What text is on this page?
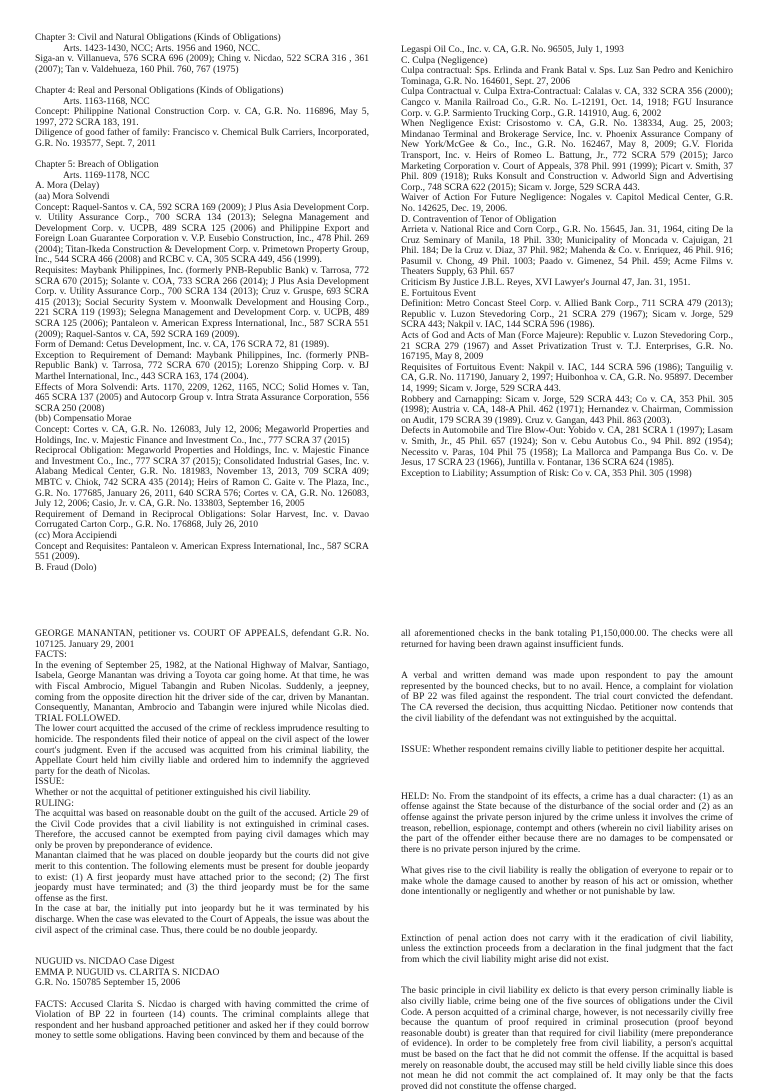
Chapter 3: Civil and Natural Obligations (Kinds of Obligations)

Arts. 1423-1430, NCC; Arts. 1956 and 1960, NCC.

Siga-an v. Villanueva, 576 SCRA 696 (2009); Ching v. Nicdao, 522 SCRA 316 , 361 (2007); Tan v. Valdehueza, 160 Phil. 760, 767 (1975)

Chapter 4: Real and Personal Obligations (Kinds of Obligations)

Arts. 1163-1168, NCC

Concept: Philippine National Construction Corp. v. CA, G.R. No. 116896, May 5, 1997, 272 SCRA 183, 191.

Diligence of good father of family: Francisco v. Chemical Bulk Carriers, Incorporated, G.R. No. 193577, Sept. 7, 2011

Chapter 5: Breach of Obligation

Arts. 1169-1178, NCC

A. Mora (Delay)

(aa) Mora Solvendi

Concept: Raquel-Santos v. CA, 592 SCRA 169 (2009); J Plus Asia Development Corp. v. Utility Assurance Corp., 700 SCRA 134 (2013); Selegna Management and Development Corp. v. UCPB, 489 SCRA 125 (2006) and Philippine Export and Foreign Loan Guarantee Corporation v. V.P. Eusebio Construction, Inc., 478 Phil. 269 (2004); Titan-Ikeda Construction & Development Corp. v. Primetown Property Group, Inc., 544 SCRA 466 (2008) and RCBC v. CA, 305 SCRA 449, 456 (1999).

Requisites: Maybank Philippines, Inc. (formerly PNB-Republic Bank) v. Tarrosa, 772 SCRA 670 (2015); Solante v. COA, 733 SCRA 266 (2014); J Plus Asia Development Corp. v. Utility Assurance Corp., 700 SCRA 134 (2013); Cruz v. Gruspe, 693 SCRA 415 (2013); Social Security System v. Moonwalk Development and Housing Corp., 221 SCRA 119 (1993); Selegna Management and Development Corp. v. UCPB, 489 SCRA 125 (2006); Pantaleon v. American Express International, Inc., 587 SCRA 551 (2009); Raquel-Santos v. CA, 592 SCRA 169 (2009).

Form of Demand: Cetus Development, Inc. v. CA, 176 SCRA 72, 81 (1989).

Exception to Requirement of Demand: Maybank Philippines, Inc. (formerly PNB-Republic Bank) v. Tarrosa, 772 SCRA 670 (2015); Lorenzo Shipping Corp. v. BJ Marthel International, Inc., 443 SCRA 163, 174 (2004).

Effects of Mora Solvendi: Arts. 1170, 2209, 1262, 1165, NCC; Solid Homes v. Tan, 465 SCRA 137 (2005) and Autocorp Group v. Intra Strata Assurance Corporation, 556 SCRA 250 (2008)

(bb) Compensatio Morae

Concept: Cortes v. CA, G.R. No. 126083, July 12, 2006; Megaworld Properties and Holdings, Inc. v. Majestic Finance and Investment Co., Inc., 777 SCRA 37 (2015)

Reciprocal Obligation: Megaworld Properties and Holdings, Inc. v. Majestic Finance and Investment Co., Inc., 777 SCRA 37 (2015); Consolidated Industrial Gases, Inc. v. Alabang Medical Center, G.R. No. 181983, November 13, 2013, 709 SCRA 409; MBTC v. Chiok, 742 SCRA 435 (2014); Heirs of Ramon C. Gaite v. The Plaza, Inc., G.R. No. 177685, January 26, 2011, 640 SCRA 576; Cortes v. CA, G.R. No. 126083, July 12, 2006; Casio, Jr. v. CA, G.R. No. 133803, September 16, 2005

Requirement of Demand in Reciprocal Obligations: Solar Harvest, Inc. v. Davao Corrugated Carton Corp., G.R. No. 176868, July 26, 2010

(cc) Mora Accipiendi

Concept and Requisites: Pantaleon v. American Express International, Inc., 587 SCRA 551 (2009).

B. Fraud (Dolo)

Legaspi Oil Co., Inc. v. CA, G.R. No. 96505, July 1, 1993

C. Culpa (Negligence)

Culpa contractual: Sps. Erlinda and Frank Batal v. Sps. Luz San Pedro and Kenichiro Tominaga, G.R. No. 164601, Sept. 27, 2006

Culpa Contractual v. Culpa Extra-Contractual: Calalas v. CA, 332 SCRA 356 (2000); Cangco v. Manila Railroad Co., G.R. No. L-12191, Oct. 14, 1918; FGU Insurance Corp. v. G.P. Sarmiento Trucking Corp., G.R. 141910, Aug. 6, 2002

When Negligence Exist: Crisostomo v. CA, G.R. No. 138334, Aug. 25, 2003; Mindanao Terminal and Brokerage Service, Inc. v. Phoenix Assurance Company of New York/McGee & Co., Inc., G.R. No. 162467, May 8, 2009; G.V. Florida Transport, Inc. v. Heirs of Romeo L. Battung, Jr., 772 SCRA 579 (2015); Jarco Marketing Corporation v. Court of Appeals, 378 Phil. 991 (1999); Picart v. Smith, 37 Phil. 809 (1918); Ruks Konsult and Construction v. Adworld Sign and Advertising Corp., 748 SCRA 622 (2015); Sicam v. Jorge, 529 SCRA 443.

Waiver of Action For Future Negligence: Nogales v. Capitol Medical Center, G.R. No. 142625, Dec. 19, 2006.

D. Contravention of Tenor of Obligation

Arrieta v. National Rice and Corn Corp., G.R. No. 15645, Jan. 31, 1964, citing De la Cruz Seminary of Manila, 18 Phil. 330; Municipality of Moncada v. Cajuigan, 21 Phil. 184; De la Cruz v. Diaz, 37 Phil. 982; Mahenda & Co. v. Enriquez, 46 Phil. 916; Pasumil v. Chong, 49 Phil. 1003; Paado v. Gimenez, 54 Phil. 459; Acme Films v. Theaters Supply, 63 Phil. 657

Criticism By Justice J.B.L. Reyes, XVI Lawyer's Journal 47, Jan. 31, 1951.

E. Fortuitous Event

Definition: Metro Concast Steel Corp. v. Allied Bank Corp., 711 SCRA 479 (2013); Republic v. Luzon Stevedoring Corp., 21 SCRA 279 (1967); Sicam v. Jorge, 529 SCRA 443; Nakpil v. IAC, 144 SCRA 596 (1986).

Acts of God and Acts of Man (Force Majeure): Republic v. Luzon Stevedoring Corp., 21 SCRA 279 (1967) and Asset Privatization Trust v. T.J. Enterprises, G.R. No. 167195, May 8, 2009

Requisites of Fortuitous Event: Nakpil v. IAC, 144 SCRA 596 (1986); Tanguilig v. CA, G.R. No. 117190, January 2, 1997; Huibonhoa v. CA, G.R. No. 95897. December 14, 1999; Sicam v. Jorge, 529 SCRA 443.

Robbery and Carnapping: Sicam v. Jorge, 529 SCRA 443; Co v. CA, 353 Phil. 305 (1998); Austria v. CA, 148-A Phil. 462 (1971); Hernandez v. Chairman, Commission on Audit, 179 SCRA 39 (1989). Cruz v. Gangan, 443 Phil. 863 (2003).

Defects in Automobile and Tire Blow-Out: Yobido v. CA, 281 SCRA 1 (1997); Lasam v. Smith, Jr., 45 Phil. 657 (1924); Son v. Cebu Autobus Co., 94 Phil. 892 (1954); Necessito v. Paras, 104 Phil 75 (1958); La Mallorca and Pampanga Bus Co. v. De Jesus, 17 SCRA 23 (1966), Juntilla v. Fontanar, 136 SCRA 624 (1985).

Exception to Liability; Assumption of Risk: Co v. CA, 353 Phil. 305 (1998)

GEORGE MANANTAN, petitioner vs. COURT OF APPEALS, defendant G.R. No. 107125. January 29, 2001

FACTS:

In the evening of September 25, 1982, at the National Highway of Malvar, Santiago, Isabela, George Manantan was driving a Toyota car going home. At that time, he was with Fiscal Ambrocio, Miguel Tabangin and Ruben Nicolas. Suddenly, a jeepney, coming from the opposite direction hit the driver side of the car, driven by Manantan. Consequently, Manantan, Ambrocio and Tabangin were injured while Nicolas died. TRIAL FOLLOWED.

The lower court acquitted the accused of the crime of reckless imprudence resulting to homicide. The respondents filed their notice of appeal on the civil aspect of the lower court's judgment. Even if the accused was acquitted from his criminal liability, the Appellate Court held him civilly liable and ordered him to indemnify the aggrieved party for the death of Nicolas.

ISSUE:

Whether or not the acquittal of petitioner extinguished his civil liability.

RULING:

The acquittal was based on reasonable doubt on the guilt of the accused. Article 29 of the Civil Code provides that a civil liability is not extinguished in criminal cases. Therefore, the accused cannot be exempted from paying civil damages which may only be proven by preponderance of evidence.

Manantan claimed that he was placed on double jeopardy but the courts did not give merit to this contention. The following elements must be present for double jeopardy to exist: (1) A first jeopardy must have attached prior to the second; (2) The first jeopardy must have terminated; and (3) the third jeopardy must be for the same offense as the first.

In the case at bar, the initially put into jeopardy but he it was terminated by his discharge. When the case was elevated to the Court of Appeals, the issue was about the civil aspect of the criminal case. Thus, there could be no double jeopardy.

NUGUID vs. NICDAO Case Digest

EMMA P. NUGUID vs. CLARITA S. NICDAO

G.R. No. 150785 September 15, 2006

FACTS: Accused Clarita S. Nicdao is charged with having committed the crime of Violation of BP 22 in fourteen (14) counts. The criminal complaints allege that respondent and her husband approached petitioner and asked her if they could borrow money to settle some obligations. Having been convinced by them and because of the

all aforementioned checks in the bank totaling P1,150,000.00. The checks were all returned for having been drawn against insufficient funds.

A verbal and written demand was made upon respondent to pay the amount represented by the bounced checks, but to no avail. Hence, a complaint for violation of BP 22 was filed against the respondent. The trial court convicted the defendant. The CA reversed the decision, thus acquitting Nicdao. Petitioner now contends that the civil liability of the defendant was not extinguished by the acquittal.

ISSUE: Whether respondent remains civilly liable to petitioner despite her acquittal.

HELD: No. From the standpoint of its effects, a crime has a dual character: (1) as an offense against the State because of the disturbance of the social order and (2) as an offense against the private person injured by the crime unless it involves the crime of treason, rebellion, espionage, contempt and others (wherein no civil liability arises on the part of the offender either because there are no damages to be compensated or there is no private person injured by the crime.

What gives rise to the civil liability is really the obligation of everyone to repair or to make whole the damage caused to another by reason of his act or omission, whether done intentionally or negligently and whether or not punishable by law.

Extinction of penal action does not carry with it the eradication of civil liability, unless the extinction proceeds from a declaration in the final judgment that the fact from which the civil liability might arise did not exist.

The basic principle in civil liability ex delicto is that every person criminally liable is also civilly liable, crime being one of the five sources of obligations under the Civil Code. A person acquitted of a criminal charge, however, is not necessarily civilly free because the quantum of proof required in criminal prosecution (proof beyond reasonable doubt) is greater than that required for civil liability (mere preponderance of evidence). In order to be completely free from civil liability, a person's acquittal must be based on the fact that he did not commit the offense. If the acquittal is based merely on reasonable doubt, the accused may still be held civilly liable since this does not mean he did not commit the act complained of. It may only be that the facts proved did not constitute the offense charged.
